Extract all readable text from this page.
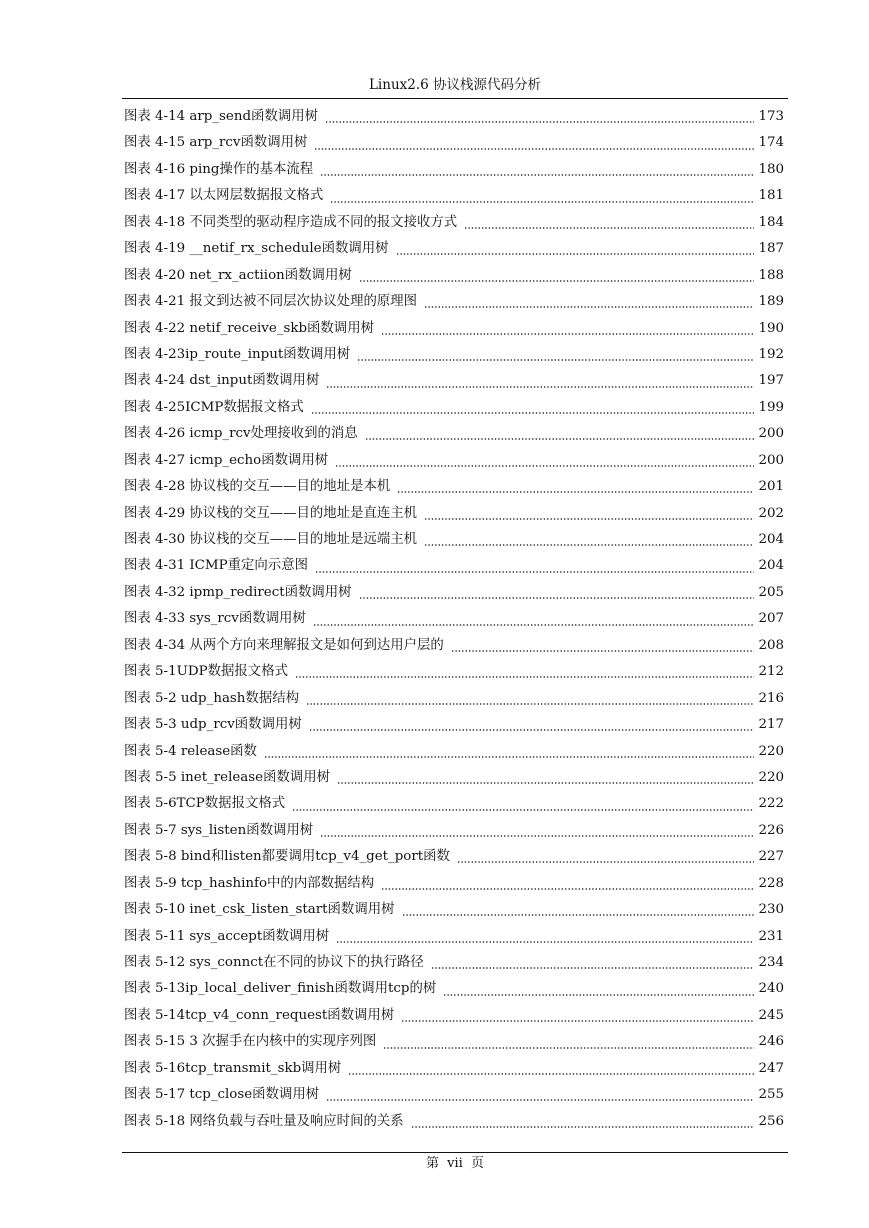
Linux2.6 协议栈源代码分析
图表 4-14 arp_send函数调用树	173
图表 4-15 arp_rcv函数调用树	174
图表 4-16 ping操作的基本流程	180
图表 4-17 以太网层数据报文格式	181
图表 4-18 不同类型的驱动程序造成不同的报文接收方式	184
图表 4-19 __netif_rx_schedule函数调用树	187
图表 4-20 net_rx_actiion函数调用树	188
图表 4-21 报文到达被不同层次协议处理的原理图	189
图表 4-22 netif_receive_skb函数调用树	190
图表 4-23ip_route_input函数调用树	192
图表 4-24 dst_input函数调用树	197
图表 4-25ICMP数据报文格式	199
图表 4-26 icmp_rcv处理接收到的消息	200
图表 4-27 icmp_echo函数调用树	200
图表 4-28 协议栈的交互——目的地址是本机	201
图表 4-29 协议栈的交互——目的地址是直连主机	202
图表 4-30 协议栈的交互——目的地址是远端主机	204
图表 4-31 ICMP重定向示意图	204
图表 4-32 ipmp_redirect函数调用树	205
图表 4-33 sys_rcv函数调用树	207
图表 4-34 从两个方向来理解报文是如何到达用户层的	208
图表 5-1UDP数据报文格式	212
图表 5-2 udp_hash数据结构	216
图表 5-3 udp_rcv函数调用树	217
图表 5-4 release函数	220
图表 5-5 inet_release函数调用树	220
图表 5-6TCP数据报文格式	222
图表 5-7 sys_listen函数调用树	226
图表 5-8 bind和listen都要调用tcp_v4_get_port函数	227
图表 5-9 tcp_hashinfo中的内部数据结构	228
图表 5-10 inet_csk_listen_start函数调用树	230
图表 5-11 sys_accept函数调用树	231
图表 5-12 sys_connct在不同的协议下的执行路径	234
图表 5-13ip_local_deliver_finish函数调用tcp的树	240
图表 5-14tcp_v4_conn_request函数调用树	245
图表 5-15 3 次握手在内核中的实现序列图	246
图表 5-16tcp_transmit_skb调用树	247
图表 5-17 tcp_close函数调用树	255
图表 5-18 网络负载与吞吐量及响应时间的关系	256
第 vii 页
